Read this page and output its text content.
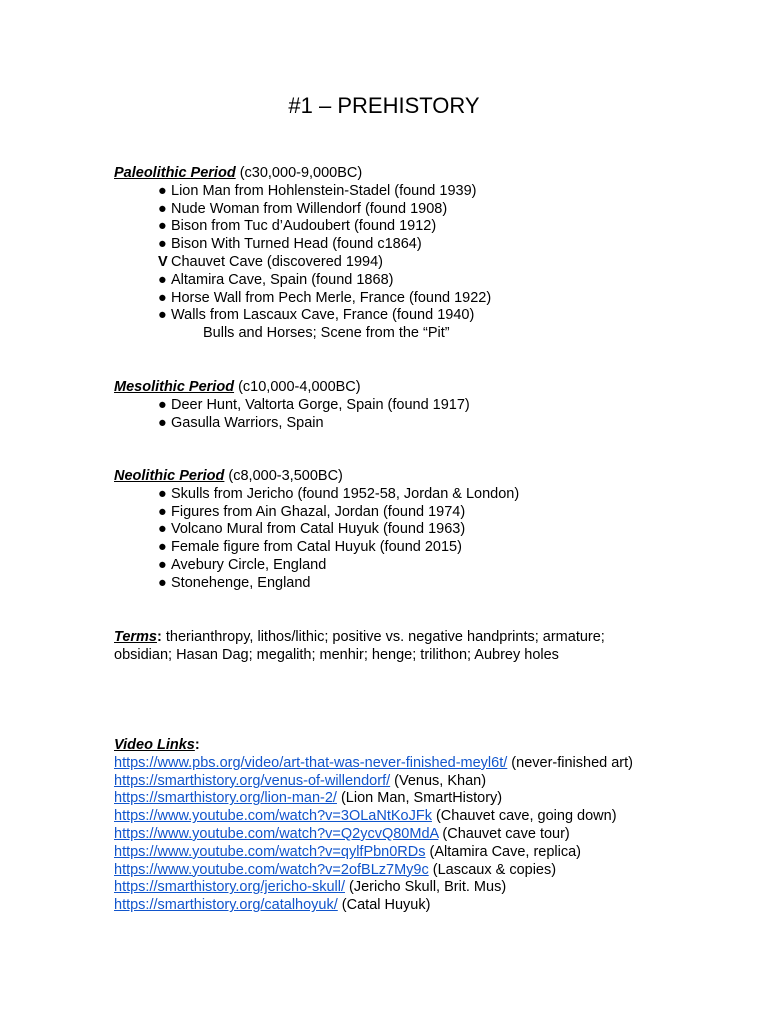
#1 – PREHISTORY
Paleolithic Period (c30,000-9,000BC)
● Lion Man from Hohlenstein-Stadel (found 1939)
● Nude Woman from Willendorf (found 1908)
● Bison from Tuc d’Audoubert (found 1912)
● Bison With Turned Head (found c1864)
V Chauvet Cave (discovered 1994)
● Altamira Cave, Spain (found 1868)
● Horse Wall from Pech Merle, France (found 1922)
● Walls from Lascaux Cave, France (found 1940)
Bulls and Horses; Scene from the “Pit”
Mesolithic Period (c10,000-4,000BC)
● Deer Hunt, Valtorta Gorge, Spain (found 1917)
● Gasulla Warriors, Spain
Neolithic Period (c8,000-3,500BC)
● Skulls from Jericho (found 1952-58, Jordan & London)
● Figures from Ain Ghazal, Jordan (found 1974)
● Volcano Mural from Catal Huyuk (found 1963)
● Female figure from Catal Huyuk (found 2015)
● Avebury Circle, England
● Stonehenge, England
Terms: therianthropy, lithos/lithic; positive vs. negative handprints; armature; obsidian; Hasan Dag; megalith; menhir; henge; trilithon; Aubrey holes
Video Links:
https://www.pbs.org/video/art-that-was-never-finished-meyl6t/ (never-finished art)
https://smarthistory.org/venus-of-willendorf/ (Venus, Khan)
https://smarthistory.org/lion-man-2/ (Lion Man, SmartHistory)
https://www.youtube.com/watch?v=3OLaNtKoJFk (Chauvet cave, going down)
https://www.youtube.com/watch?v=Q2ycvQ80MdA (Chauvet cave tour)
https://www.youtube.com/watch?v=qylfPbn0RDs (Altamira Cave, replica)
https://www.youtube.com/watch?v=2ofBLz7My9c (Lascaux & copies)
https://smarthistory.org/jericho-skull/ (Jericho Skull, Brit. Mus)
https://smarthistory.org/catalhoyuk/ (Catal Huyuk)
